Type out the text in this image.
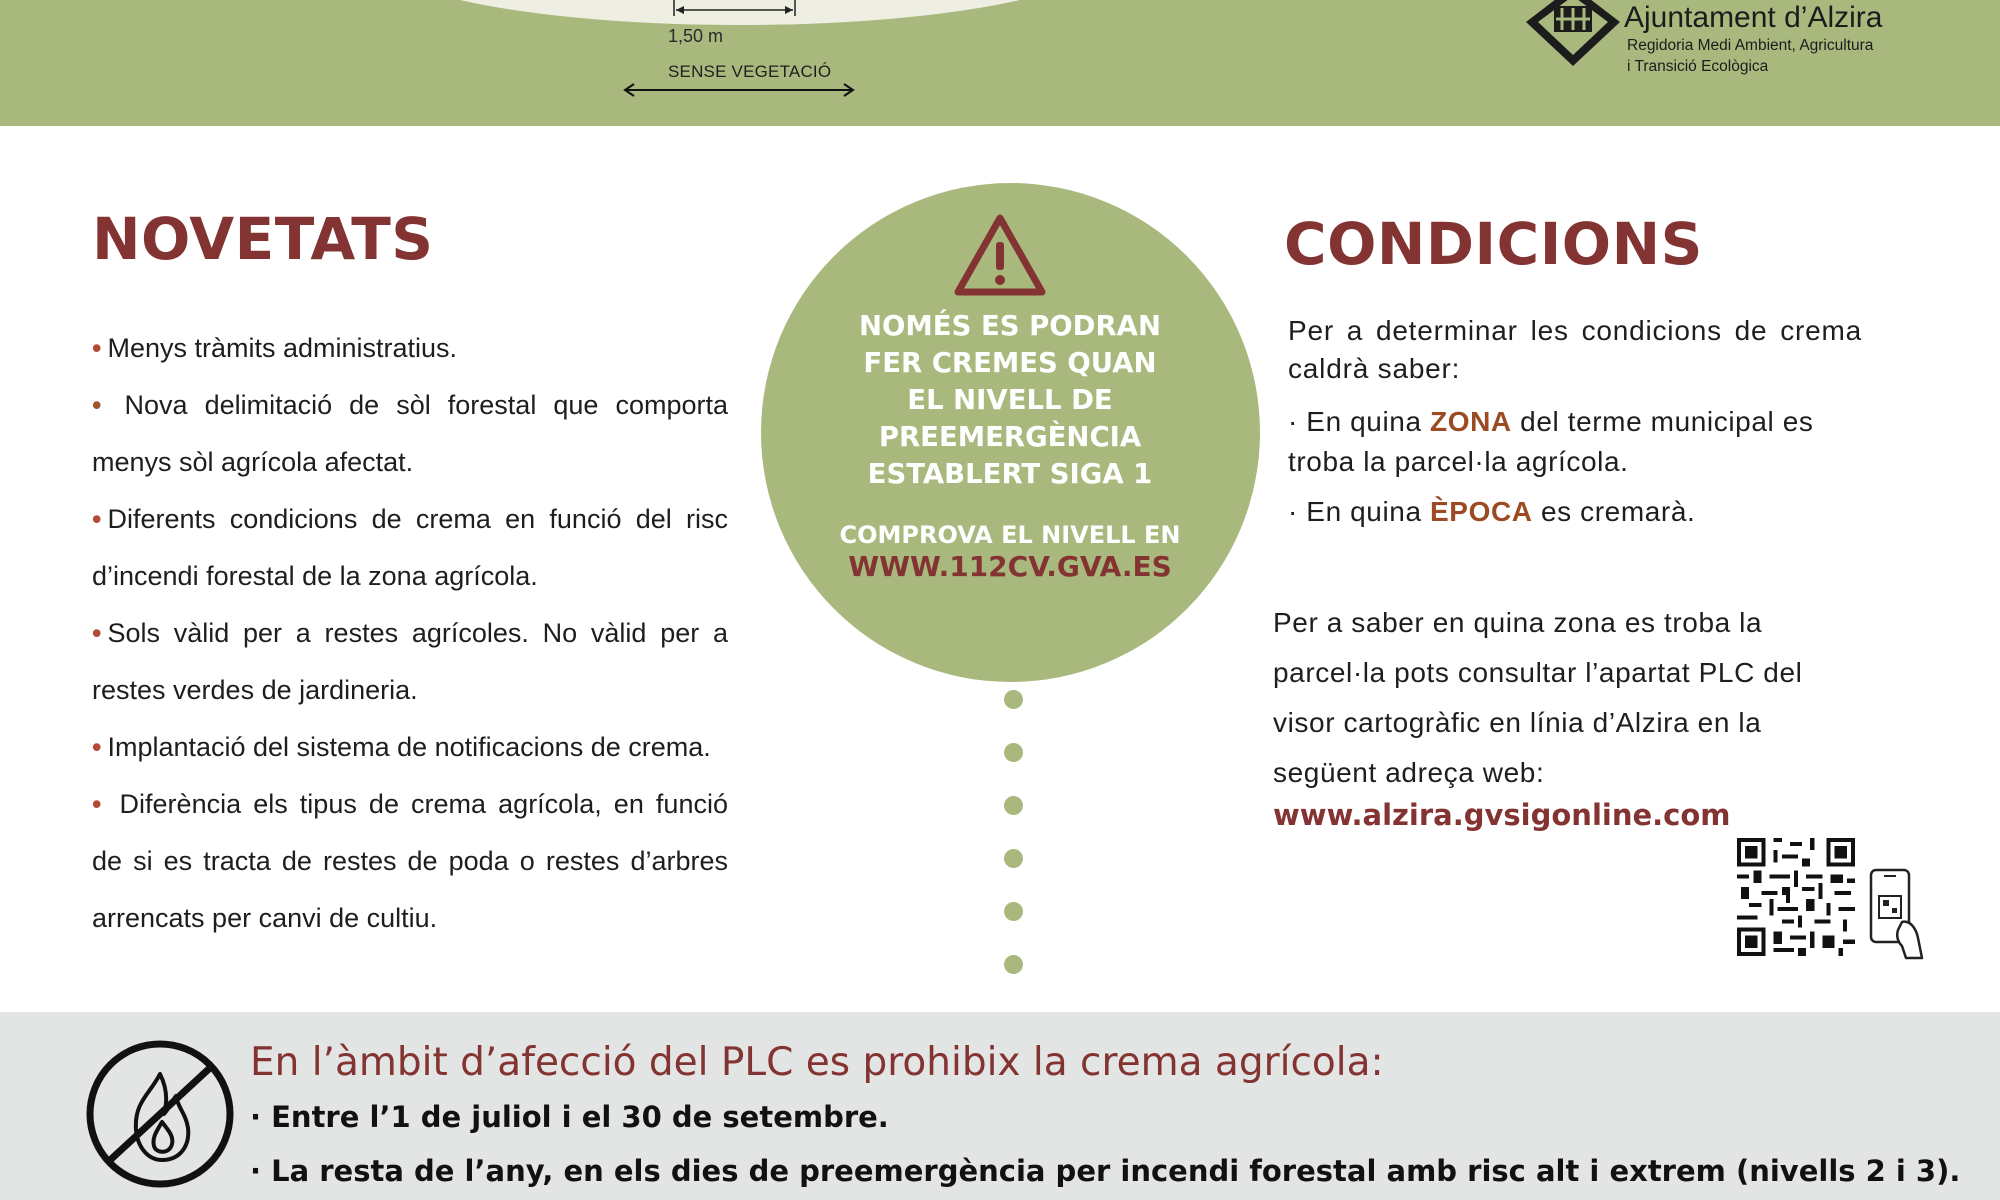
1,50 m
SENSE VEGETACIÓ
Ajuntament d’Alzira
Regidoria Medi Ambient, Agricultura
i Transició Ecològica
NOVETATS
• Menys tràmits administratius.
• Nova delimitació de sòl forestal que comporta menys sòl agrícola afectat.
• Diferents condicions de crema en funció del risc d’incendi forestal de la zona agrícola.
• Sols vàlid per a restes agrícoles. No vàlid per a restes verdes de jardineria.
• Implantació del sistema de notificacions de crema.
• Diferència els tipus de crema agrícola, en funció de si es tracta de restes de poda o restes d’arbres arrencats per canvi de cultiu.
NOMÉS ES PODRAN
FER CREMES QUAN
EL NIVELL DE
PREEMERGÈNCIA
ESTABLERT SIGA 1
COMPROVA EL NIVELL EN
WWW.112CV.GVA.ES
CONDICIONS
Per a determinar les condicions de crema caldrà saber:
· En quina ZONA del terme municipal es troba la parcel·la agrícola.
· En quina ÈPOCA es cremarà.
Per a saber en quina zona es troba la parcel·la pots consultar l’apartat PLC del visor cartogràfic en línia d’Alzira en la següent adreça web:
www.alzira.gvsigonline.com
En l’àmbit d’afecció del PLC es prohibix la crema agrícola:
· Entre l’1 de juliol i el 30 de setembre.
· La resta de l’any, en els dies de preemergència per incendi forestal amb risc alt i extrem (nivells 2 i 3).
